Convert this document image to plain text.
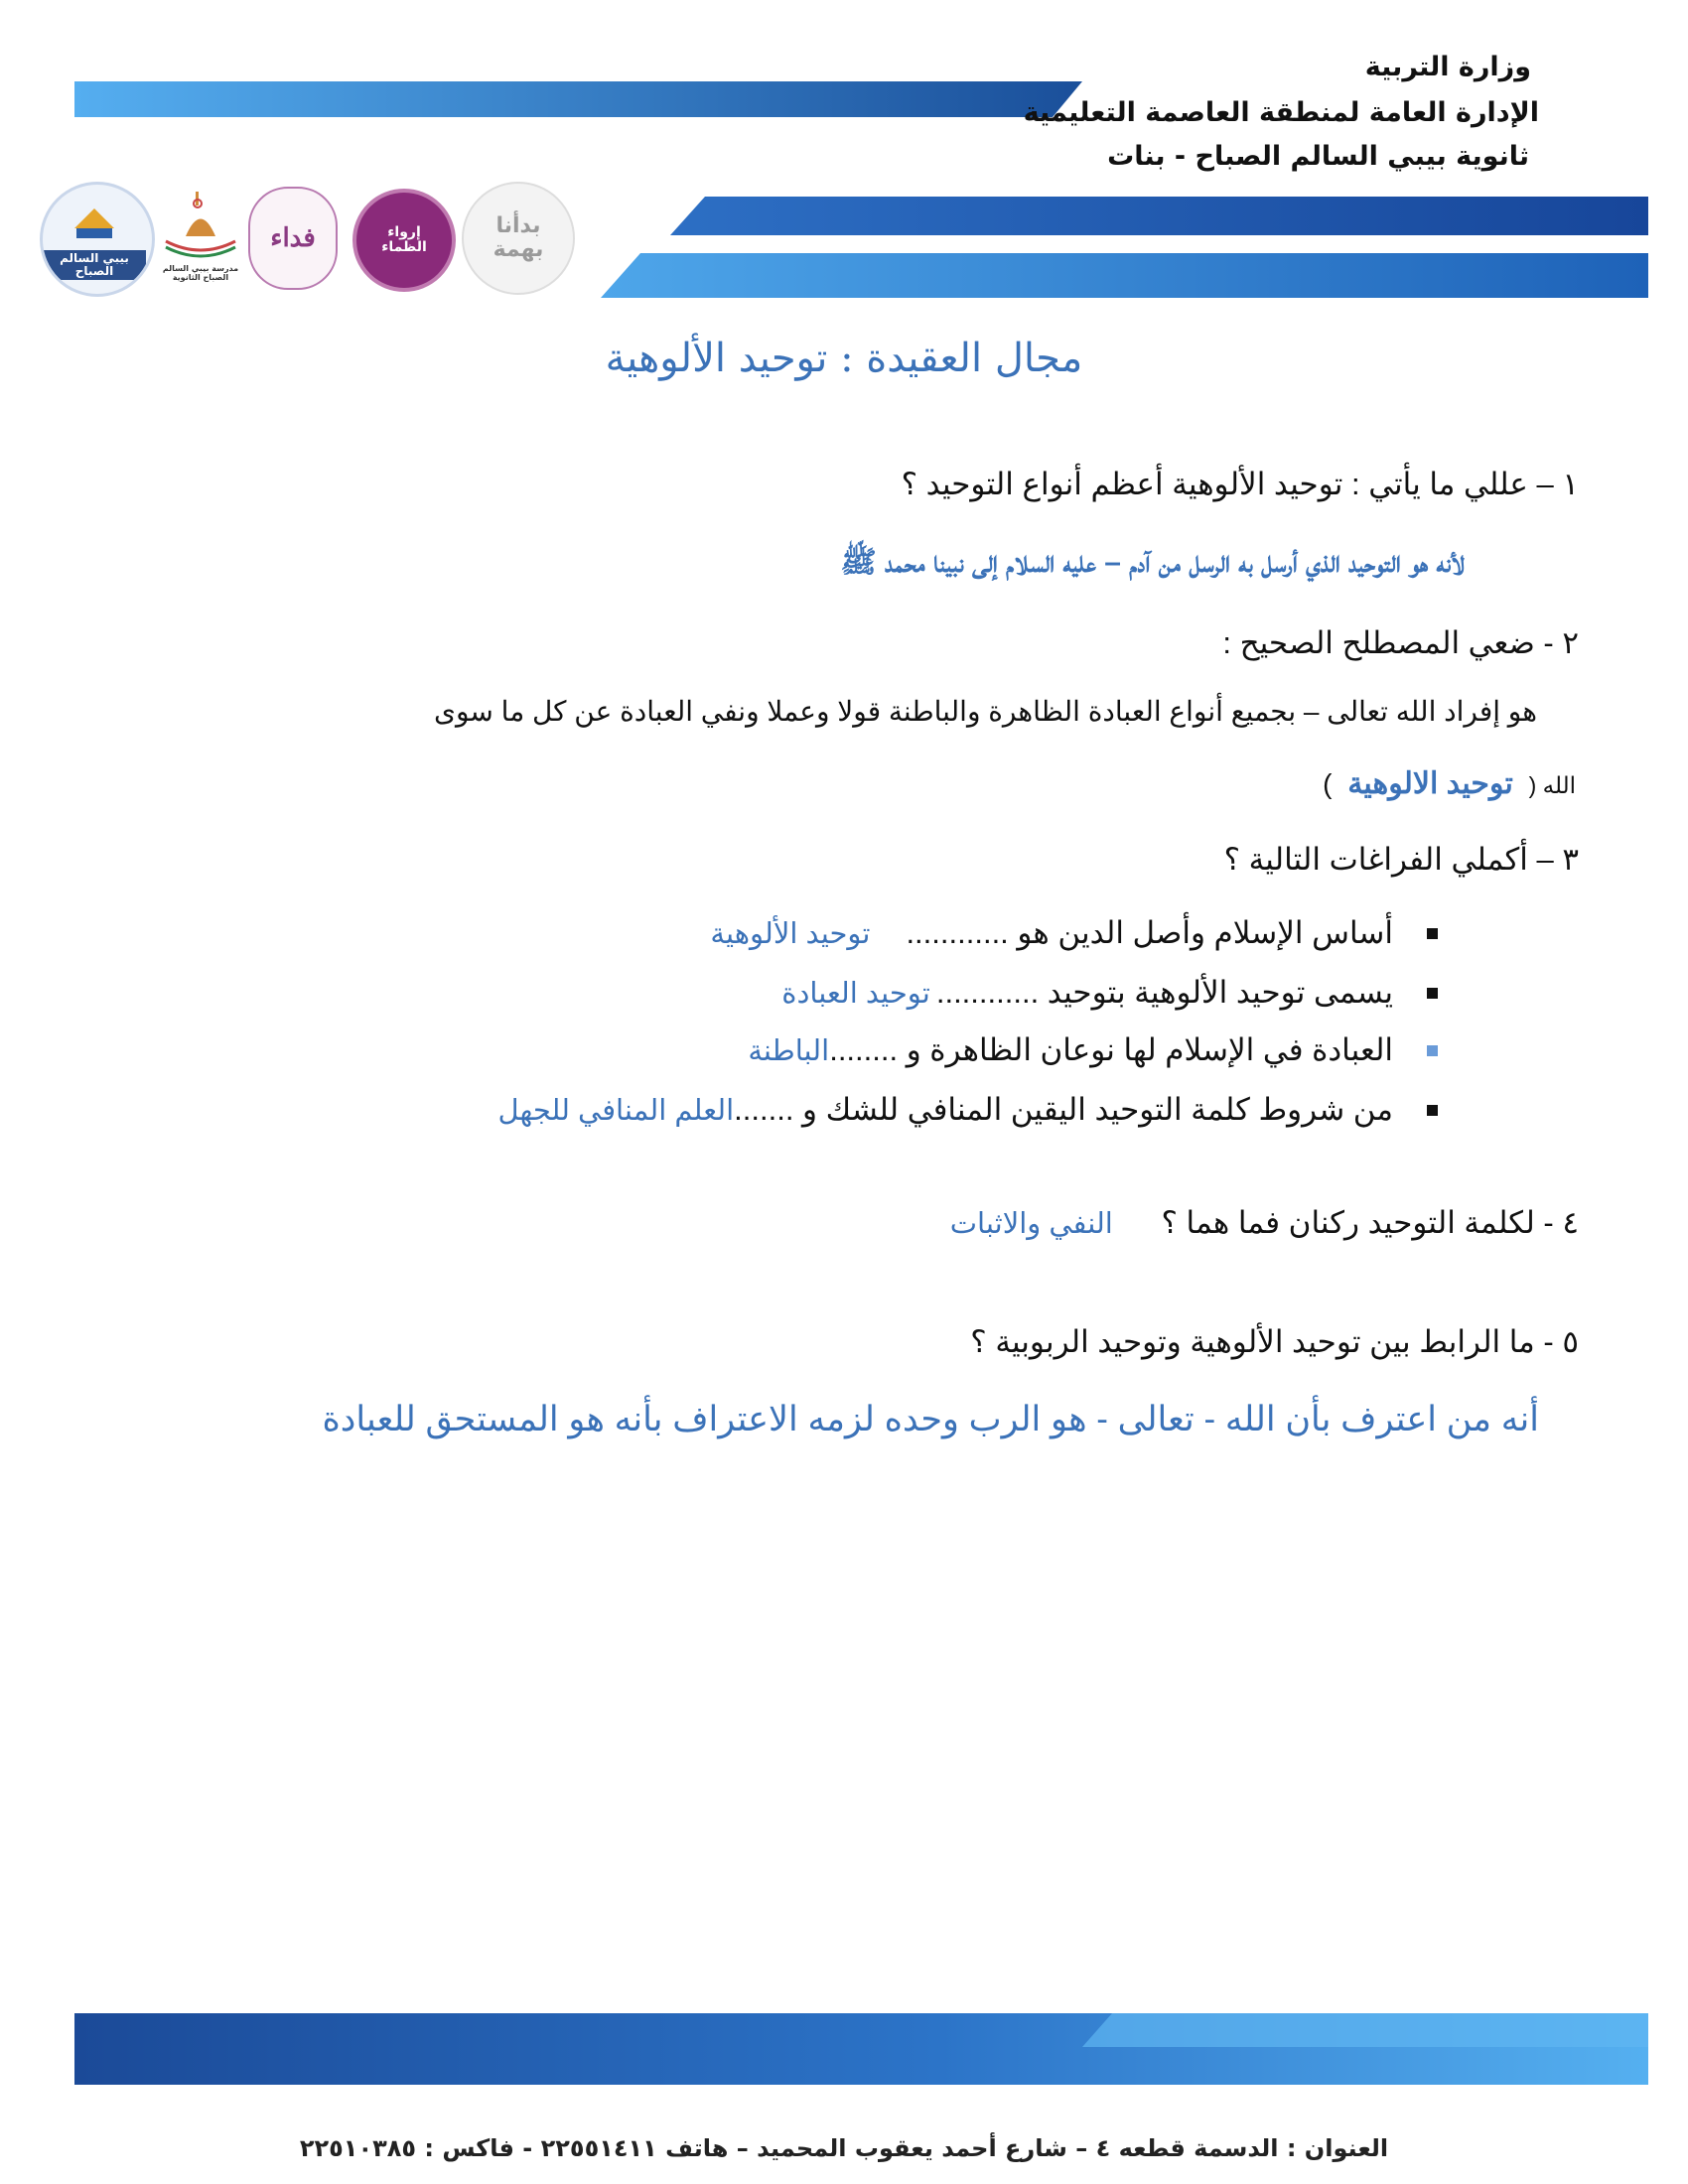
وزارة التربية
الإدارة العامة لمنطقة العاصمة التعليمية
ثانوية بيبي السالم الصباح - بنات
بدأنا بهمة
إرواء الظماء
فداء
مدرسة بيبي السالم الصباح الثانوية
بيبي السالم الصباح
مجال العقيدة : توحيد الألوهية
١ – عللي ما يأتي : توحيد الألوهية أعظم أنواع التوحيد ؟
لأنه هو التوحيد الذي أرسل به الرسل من آدم – عليه السلام إلى نبينا محمد ﷺ
٢ - ضعي المصطلح الصحيح :
هو إفراد الله تعالى – بجميع أنواع العبادة الظاهرة والباطنة قولا وعملا ونفي العبادة عن كل ما سوى
الله ( توحيد الالوهية )
٣ – أكملي الفراغات التالية ؟
أساس الإسلام وأصل الدين هو ............
توحيد الألوهية
يسمى توحيد الألوهية بتوحيد ............
توحيد العبادة
العبادة في الإسلام لها نوعان الظاهرة و ........
الباطنة
من شروط كلمة التوحيد اليقين المنافي للشك و .......
العلم المنافي للجهل
٤ - لكلمة التوحيد ركنان فما هما ؟ النفي والاثبات
٥ - ما الرابط بين توحيد الألوهية وتوحيد الربوبية ؟
أنه من اعترف بأن الله - تعالى - هو الرب وحده لزمه الاعتراف بأنه هو المستحق للعبادة
العنوان : الدسمة قطعه ٤ – شارع أحمد يعقوب المحميد – هاتف ٢٢٥٥١٤١١ - فاكس : ٢٢٥١٠٣٨٥
